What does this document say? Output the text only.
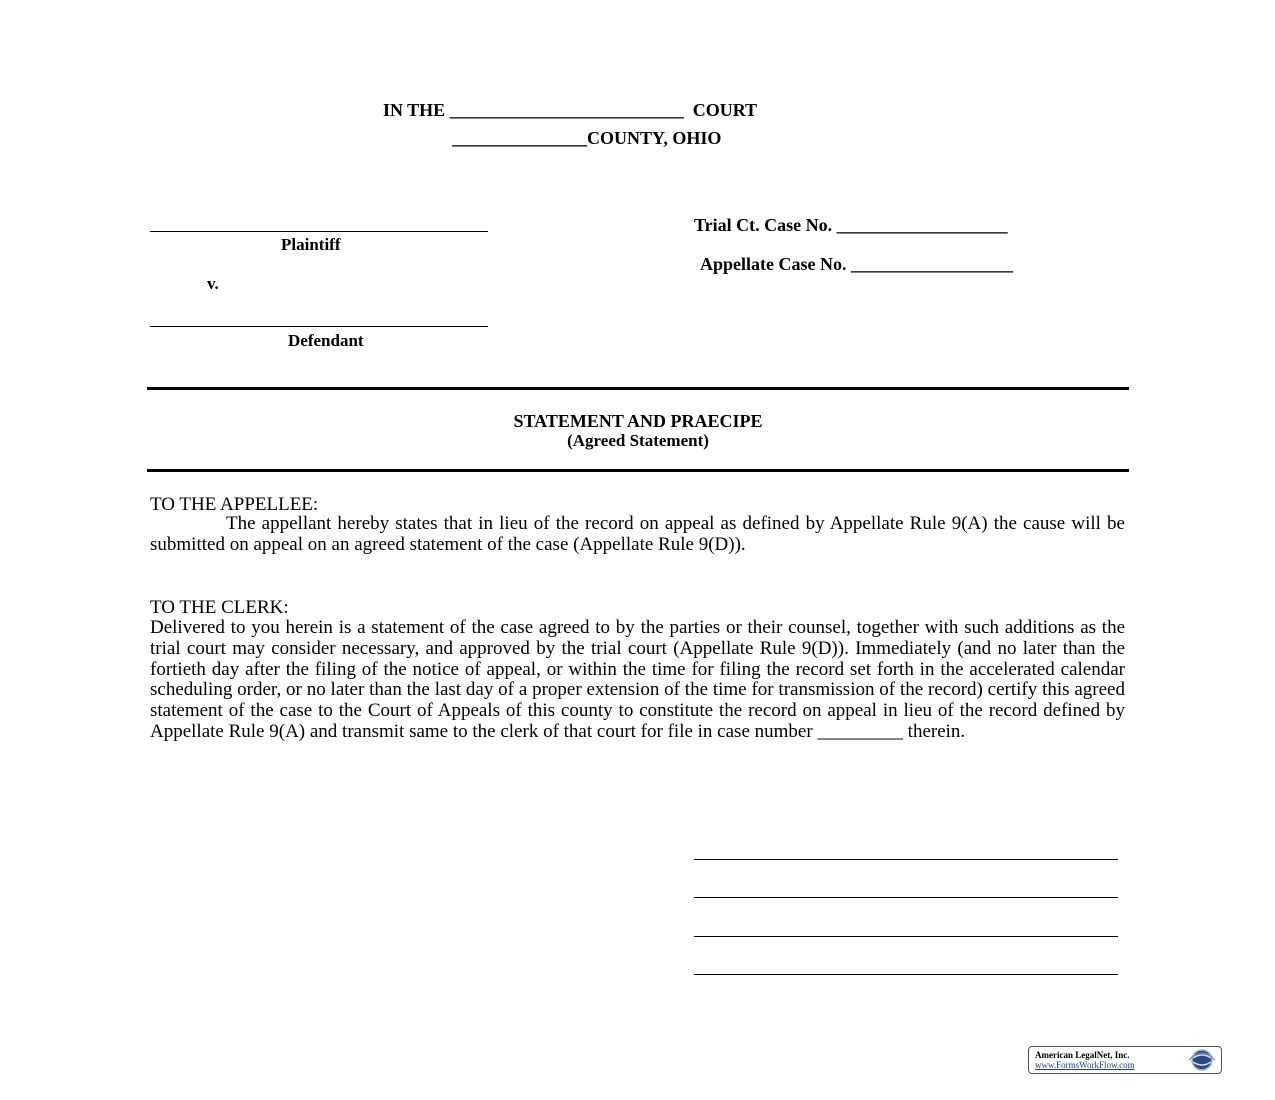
IN THE __________________________  COURT
_______________COUNTY, OHIO
Plaintiff
v.
Defendant
Trial Ct. Case No. ___________________
Appellate Case No. __________________
STATEMENT AND PRAECIPE
(Agreed Statement)
TO THE APPELLEE:
The appellant hereby states that in lieu of the record on appeal as defined by Appellate Rule 9(A) the cause will be submitted on appeal on an agreed statement of the case (Appellate Rule 9(D)).
TO THE CLERK:
Delivered to you herein is a statement of the case agreed to by the parties or their counsel, together with such additions as the trial court may consider necessary, and approved by the trial court (Appellate Rule 9(D)). Immediately (and no later than the fortieth day after the filing of the notice of appeal, or within the time for filing the record set forth in the accelerated calendar scheduling order, or no later than the last day of a proper extension of the time for transmission of the record) certify this agreed statement of the case to the Court of Appeals of this county to constitute the record on appeal in lieu of the record defined by Appellate Rule 9(A) and transmit same to the clerk of that court for file in case number _________ therein.
American LegalNet, Inc.
www.FormsWorkFlow.com
